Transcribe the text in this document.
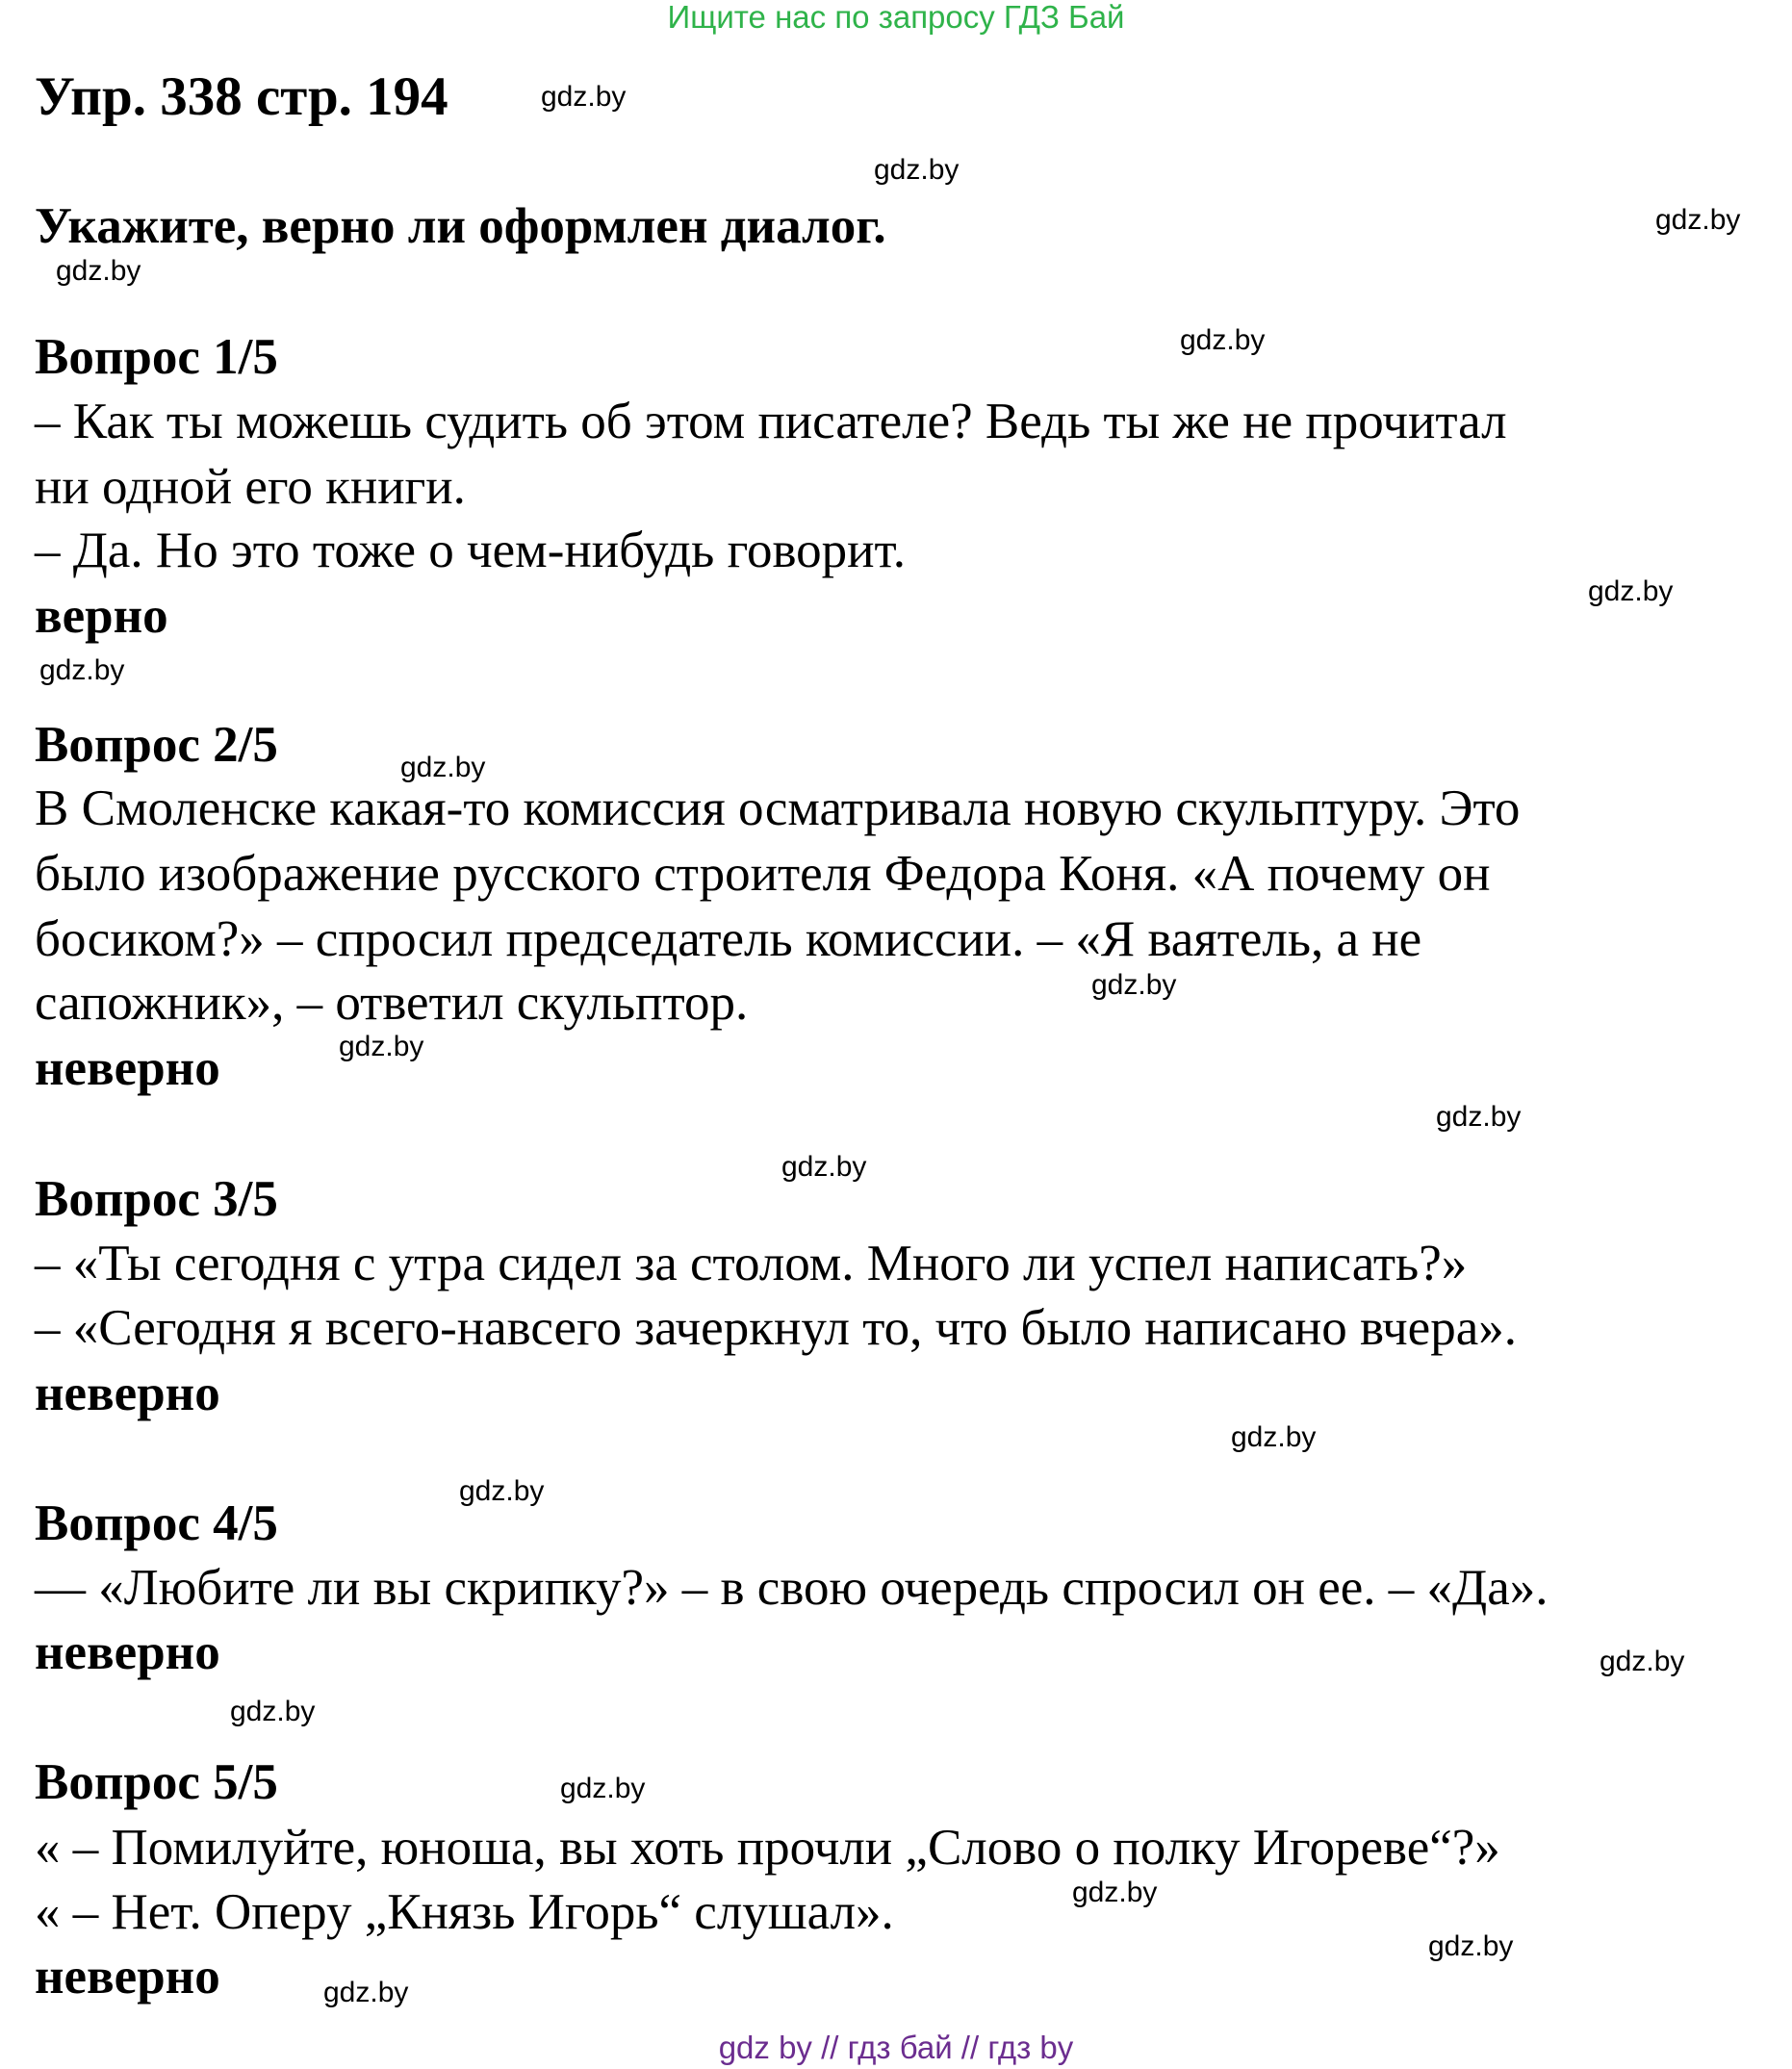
Ищите нас по запросу ГДЗ Бай
Упр. 338 стр. 194
Укажите, верно ли оформлен диалог.
Вопрос 1/5
– Как ты можешь судить об этом писателе? Ведь ты же не прочитал
ни одной его книги.
– Да. Но это тоже о чем-нибудь говорит.
верно
Вопрос 2/5
В Смоленске какая-то комиссия осматривала новую скульптуру. Это
было изображение русского строителя Федора Коня. «А почему он
босиком?» – спросил председатель комиссии. – «Я ваятель, а не
сапожник», – ответил скульптор.
неверно
Вопрос 3/5
– «Ты сегодня с утра сидел за столом. Много ли успел написать?»
– «Сегодня я всего-навсего зачеркнул то, что было написано вчера».
неверно
Вопрос 4/5
— «Любите ли вы скрипку?» – в свою очередь спросил он ее. – «Да».
неверно
Вопрос 5/5
« – Помилуйте, юноша, вы хоть прочли „Слово о полку Игореве“?»
« – Нет. Оперу „Князь Игорь“ слушал».
неверно
gdz.by
gdz.by
gdz.by
gdz.by
gdz.by
gdz.by
gdz.by
gdz.by
gdz.by
gdz.by
gdz.by
gdz.by
gdz.by
gdz.by
gdz.by
gdz.by
gdz.by
gdz.by
gdz.by
gdz.by
gdz by // гдз бай // гдз by
